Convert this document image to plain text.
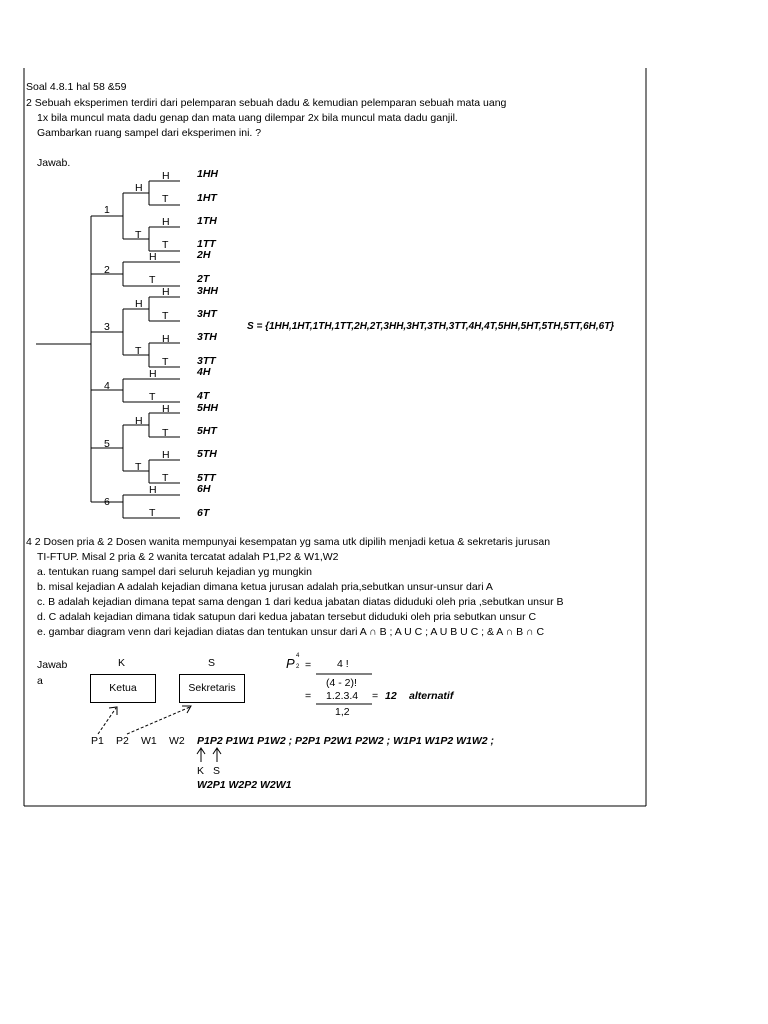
Soal 4.8.1 hal 58 &59
2 Sebuah eksperimen terdiri dari pelemparan sebuah dadu & kemudian pelemparan sebuah mata uang
1x bila muncul mata dadu genap dan mata uang dilempar 2x bila muncul mata dadu ganjil.
Gambarkan ruang sampel dari eksperimen ini. ?
Jawab.
1
2
3
4
5
6
H
H
T
T
H
T
H
T
H
H
T
T
H
T
H
T
H
H
T
T
H
T
H
T
1HH
1HT
1TH
1TT
2H
2T
3HH
3HT
3TH
3TT
4H
4T
5HH
5HT
5TH
5TT
6H
6T
S = {1HH,1HT,1TH,1TT,2H,2T,3HH,3HT,3TH,3TT,4H,4T,5HH,5HT,5TH,5TT,6H,6T}
4 2 Dosen pria & 2 Dosen wanita mempunyai kesempatan yg sama utk dipilih menjadi ketua & sekretaris jurusan
TI-FTUP. Misal 2 pria & 2 wanita tercatat adalah P1,P2 & W1,W2
a. tentukan ruang sampel dari seluruh kejadian yg mungkin
b. misal kejadian A adalah kejadian dimana ketua jurusan adalah pria,sebutkan unsur-unsur dari A
c. B adalah kejadian dimana tepat sama dengan 1 dari kedua jabatan diatas diduduki oleh pria ,sebutkan unsur B
d. C adalah kejadian dimana tidak satupun dari kedua jabatan tersebut diduduki oleh pria sebutkan unsur C
e. gambar diagram venn dari kejadian diatas dan tentukan unsur dari A ∩ B ; A U C ; A U B U C ; & A ∩ B ∩ C
Jawab
a
K	S
Ketua	Sekretaris
P 4
2 = 4 !
(4 - 2)!
= 1.2.3.4
1,2
= 12 alternatif
P1 P2 W1 W2 P1P2 P1W1 P1W2 ; P2P1 P2W1 P2W2 ; W1P1 W1P2 W1W2 ;
K S
W2P1 W2P2 W2W1
